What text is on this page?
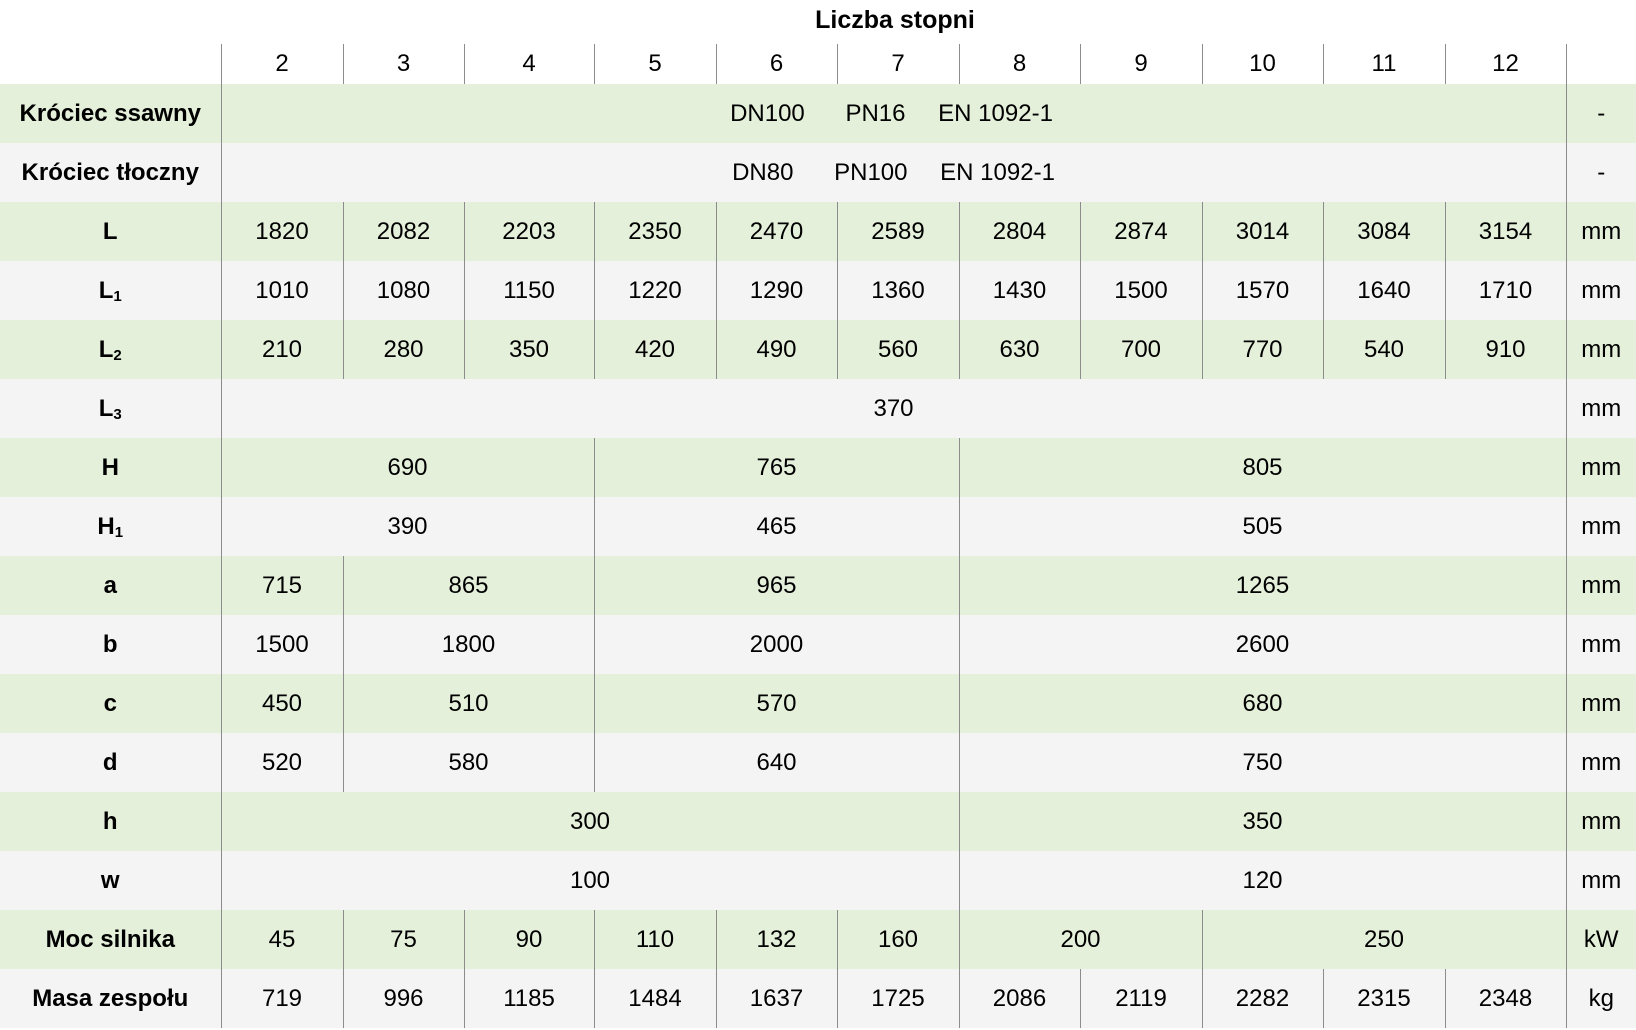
Liczba stopni
	2	3	4	5	6	7	8	9	10	11	12	
Króciec ssawny	DN100 PN16 EN 1092-1											-
Króciec tłoczny	DN80 PN100 EN 1092-1											-
L	1820	2082	2203	2350	2470	2589	2804	2874	3014	3084	3154	mm
$L_1$	1010	1080	1150	1220	1290	1360	1430	1500	1570	1640	1710	mm
$L_2$	210	280	350	420	490	560	630	700	770	540	910	mm
$L_3$	370											mm
H	690			765			805					mm
$H_1$	390			465			505					mm
a	715	865		965			1265					mm
b	1500	1800		2000			2600					mm
c	450	510		570			680					mm
d	520	580		640			750					mm
h	300						350					mm
w	100						120					mm
Moc silnika	45	75	90	110	132	160	200		250			kW
Masa zespołu	719	996	1185	1484	1637	1725	2086	2119	2282	2315	2348	kg
